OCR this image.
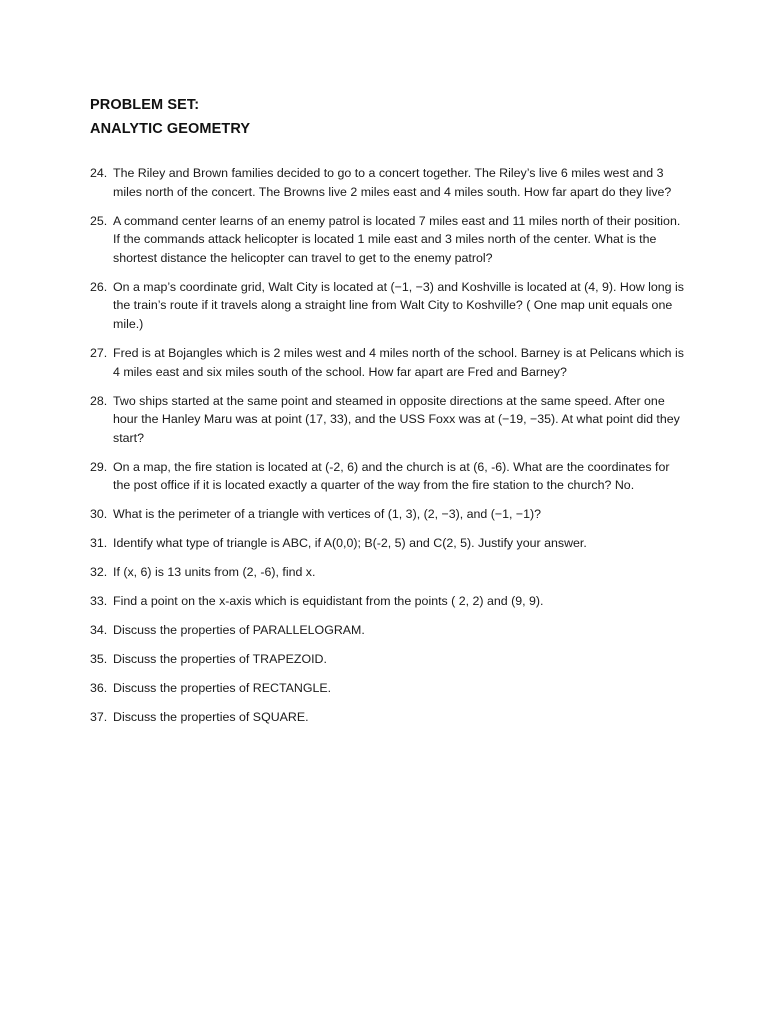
PROBLEM SET:
ANALYTIC GEOMETRY
24. The Riley and Brown families decided to go to a concert together. The Riley’s live 6 miles west and 3 miles north of the concert. The Browns live 2 miles east and 4 miles south. How far apart do they live?
25. A command center learns of an enemy patrol is located 7 miles east and 11 miles north of their position. If the commands attack helicopter is located 1 mile east and 3 miles north of the center. What is the shortest distance the helicopter can travel to get to the enemy patrol?
26. On a map’s coordinate grid, Walt City is located at (−1, −3) and Koshville is located at (4, 9). How long is the train’s route if it travels along a straight line from Walt City to Koshville? ( One map unit equals one mile.)
27. Fred is at Bojangles which is 2 miles west and 4 miles north of the school. Barney is at Pelicans which is 4 miles east and six miles south of the school. How far apart are Fred and Barney?
28. Two ships started at the same point and steamed in opposite directions at the same speed. After one hour the Hanley Maru was at point (17, 33), and the USS Foxx was at (−19, −35). At what point did they start?
29. On a map, the fire station is located at (-2, 6) and the church is at (6, -6). What are the coordinates for the post office if it is located exactly a quarter of the way from the fire station to the church? No.
30. What is the perimeter of a triangle with vertices of (1, 3), (2, −3), and (−1, −1)?
31. Identify what type of triangle is ABC, if A(0,0); B(-2, 5) and C(2, 5). Justify your answer.
32. If (x, 6) is 13 units from (2, -6), find x.
33. Find a point on the x-axis which is equidistant from the points ( 2, 2) and (9, 9).
34. Discuss the properties of PARALLELOGRAM.
35. Discuss the properties of TRAPEZOID.
36. Discuss the properties of RECTANGLE.
37. Discuss the properties of SQUARE.
